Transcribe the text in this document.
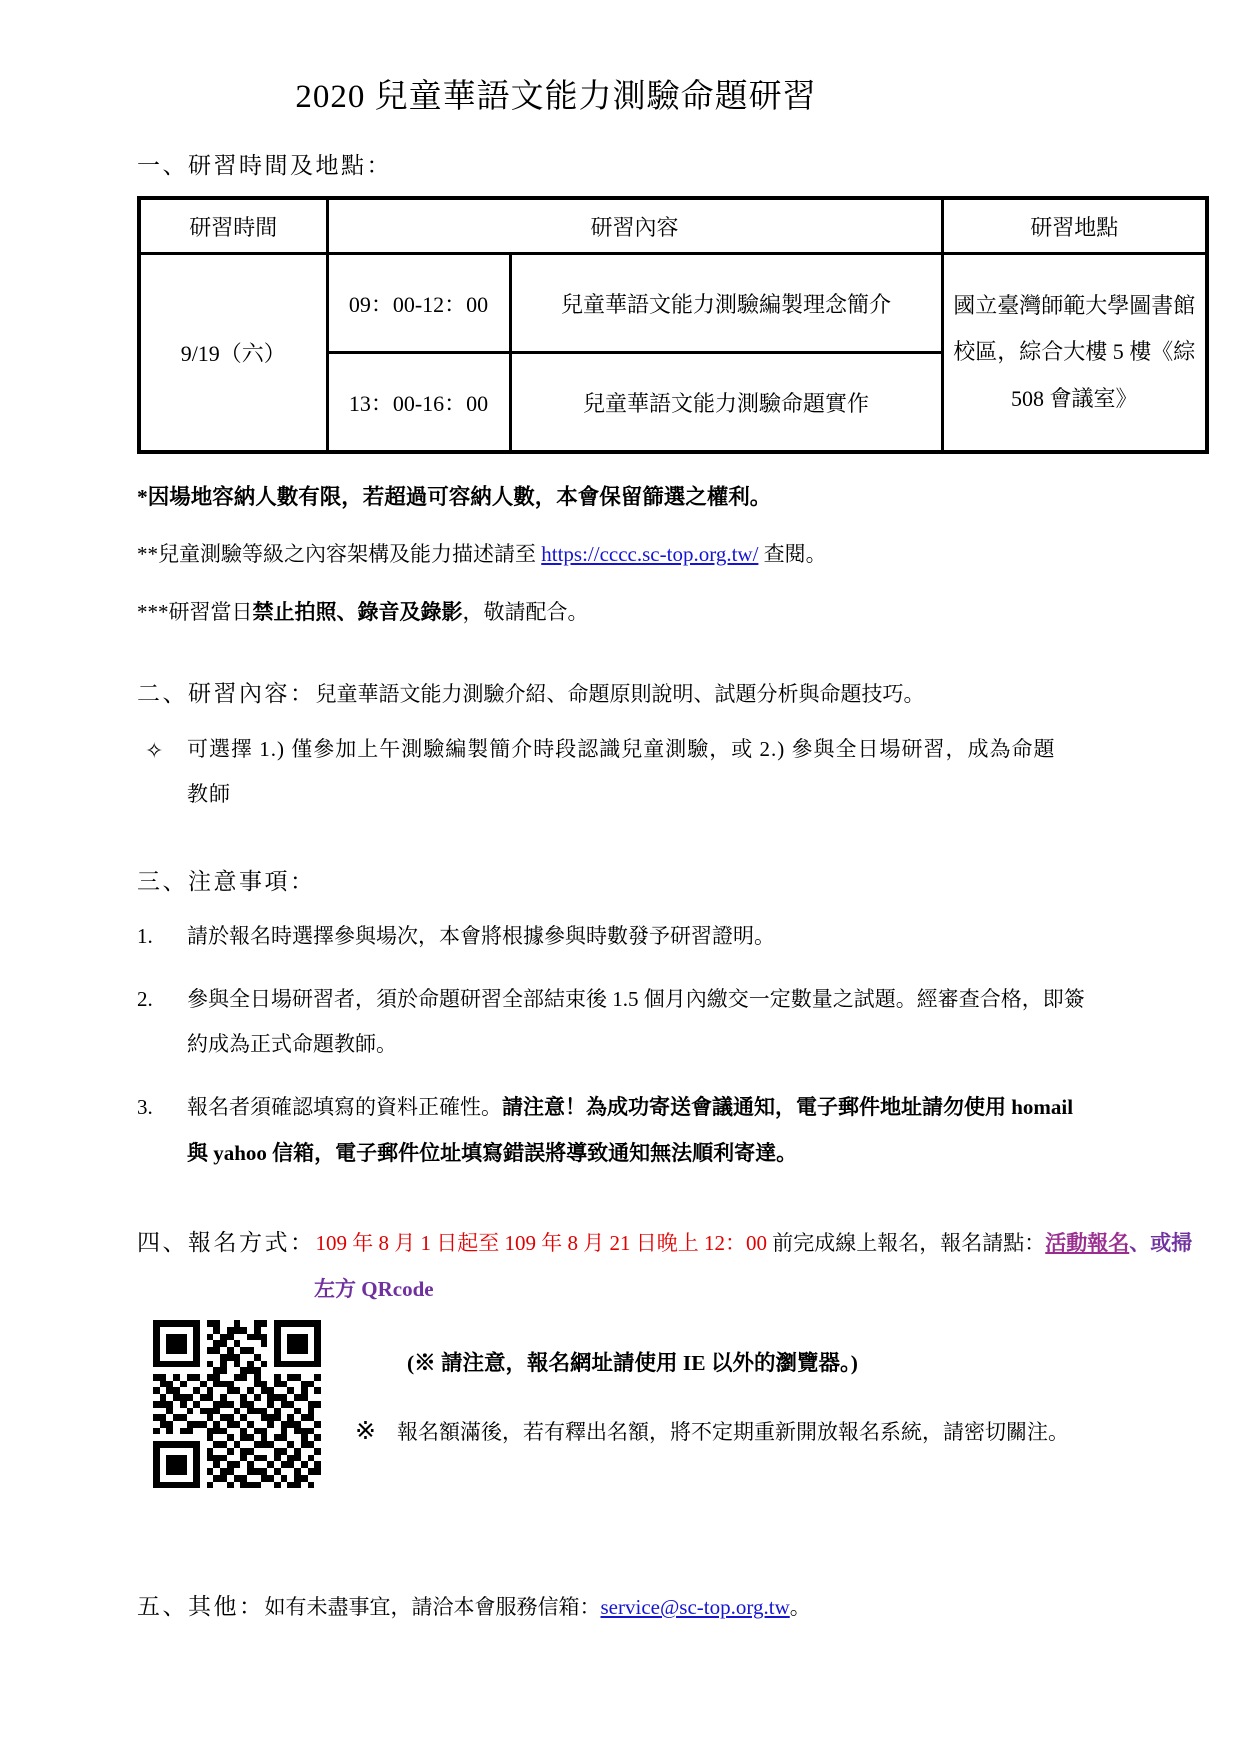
2020 兒童華語文能力測驗命題研習
一、研習時間及地點：
研習時間	研習內容		研習地點
9/19（六）	09：00-12：00	兒童華語文能力測驗編製理念簡介	國立臺灣師範大學圖書館校區，綜合大樓 5 樓《綜 508 會議室》
	13：00-16：00	兒童華語文能力測驗命題實作	

*因場地容納人數有限，若超過可容納人數，本會保留篩選之權利。

**兒童測驗等級之內容架構及能力描述請至 https://cccc.sc-top.org.tw/ 查閱。

***研習當日禁止拍照、錄音及錄影，敬請配合。

二、研習內容：兒童華語文能力測驗介紹、命題原則說明、試題分析與命題技巧。

✧	可選擇 1.) 僅參加上午測驗編製簡介時段認識兒童測驗，或 2.) 參與全日場研習，成為命題教師
三、注意事項：
1.	請於報名時選擇參與場次，本會將根據參與時數發予研習證明。
2.	參與全日場研習者，須於命題研習全部結束後 1.5 個月內繳交一定數量之試題。經審查合格，即簽約成為正式命題教師。
3.	報名者須確認填寫的資料正確性。請注意！為成功寄送會議通知，電子郵件地址請勿使用 homail 與 yahoo 信箱，電子郵件位址填寫錯誤將導致通知無法順利寄達。

四、報名方式：109 年 8 月 1 日起至 109 年 8 月 21 日晚上 12：00 前完成線上報名，報名請點：活動報名、或掃左方 QRcode

(※ 請注意，報名網址請使用 IE 以外的瀏覽器。)

※　 報名額滿後，若有釋出名額，將不定期重新開放報名系統，請密切關注。

五、其他：如有未盡事宜，請洽本會服務信箱：service@sc-top.org.tw。
